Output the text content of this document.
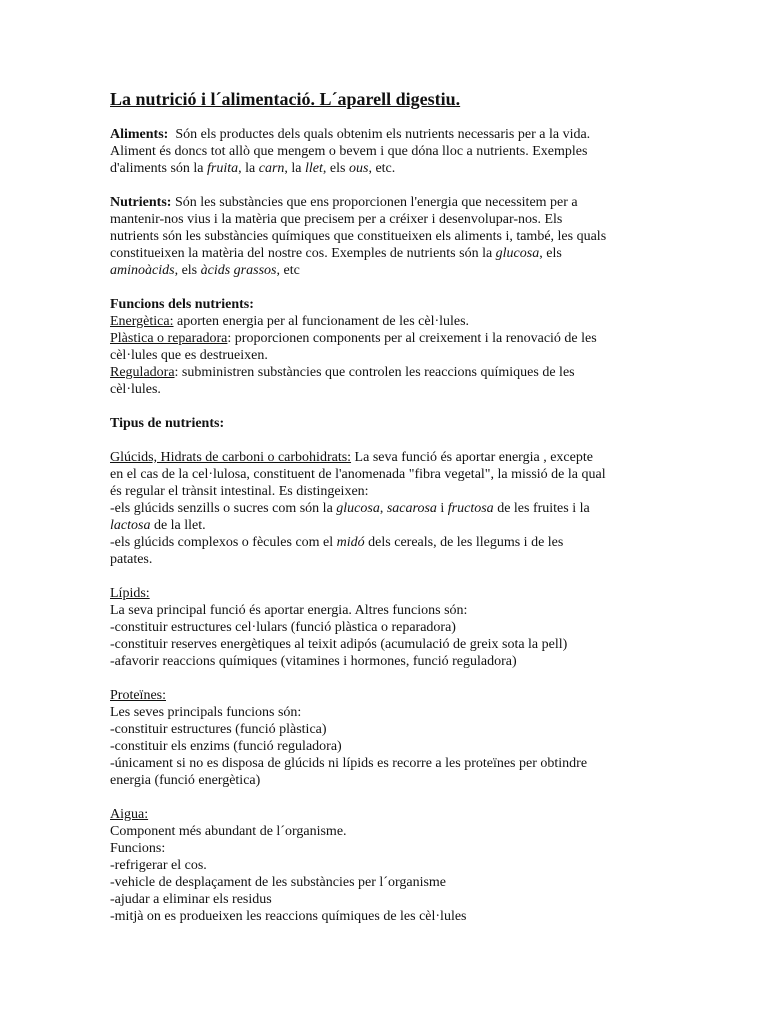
La nutrició i l´alimentació. L´aparell digestiu.

Aliments: Són els productes dels quals obtenim els nutrients necessaris per a la vida.

Aliment és doncs tot allò que mengem o bevem i que dóna lloc a nutrients. Exemples

d'aliments són la fruita, la carn, la llet, els ous, etc.

Nutrients: Són les substàncies que ens proporcionen l'energia que necessitem per a

mantenir-nos vius i la matèria que precisem per a créixer i desenvolupar-nos. Els

nutrients són les substàncies químiques que constitueixen els aliments i, també, les quals

constitueixen la matèria del nostre cos. Exemples de nutrients són la glucosa, els

aminoàcids, els àcids grassos, etc

Funcions dels nutrients:

Energètica: aporten energia per al funcionament de les cèl·lules.

Plàstica o reparadora: proporcionen components per al creixement i la renovació de les

cèl·lules que es destrueixen.

Reguladora: subministren substàncies que controlen les reaccions químiques de les

cèl·lules.

Tipus de nutrients:

Glúcids, Hidrats de carboni o carbohidrats: La seva funció és aportar energia , excepte

en el cas de la cel·lulosa, constituent de l'anomenada "fibra vegetal", la missió de la qual

és regular el trànsit intestinal. Es distingeixen:

-els glúcids senzills o sucres com són la glucosa, sacarosa i fructosa de les fruites i la

lactosa de la llet.

-els glúcids complexos o fècules com el midó dels cereals, de les llegums i de les

patates.

Lípids:

La seva principal funció és aportar energia. Altres funcions són:

-constituir estructures cel·lulars (funció plàstica o reparadora)

-constituir reserves energètiques al teixit adipós (acumulació de greix sota la pell)

-afavorir reaccions químiques (vitamines i hormones, funció reguladora)

Proteïnes:

Les seves principals funcions són:

-constituir estructures (funció plàstica)

-constituir els enzims (funció reguladora)

-únicament si no es disposa de glúcids ni lípids es recorre a les proteïnes per obtindre

energia (funció energètica)

Aigua:

Component més abundant de l´organisme.

Funcions:

-refrigerar el cos.

-vehicle de desplaçament de les substàncies per l´organisme

-ajudar a eliminar els residus

-mitjà on es produeixen les reaccions químiques de les cèl·lules
